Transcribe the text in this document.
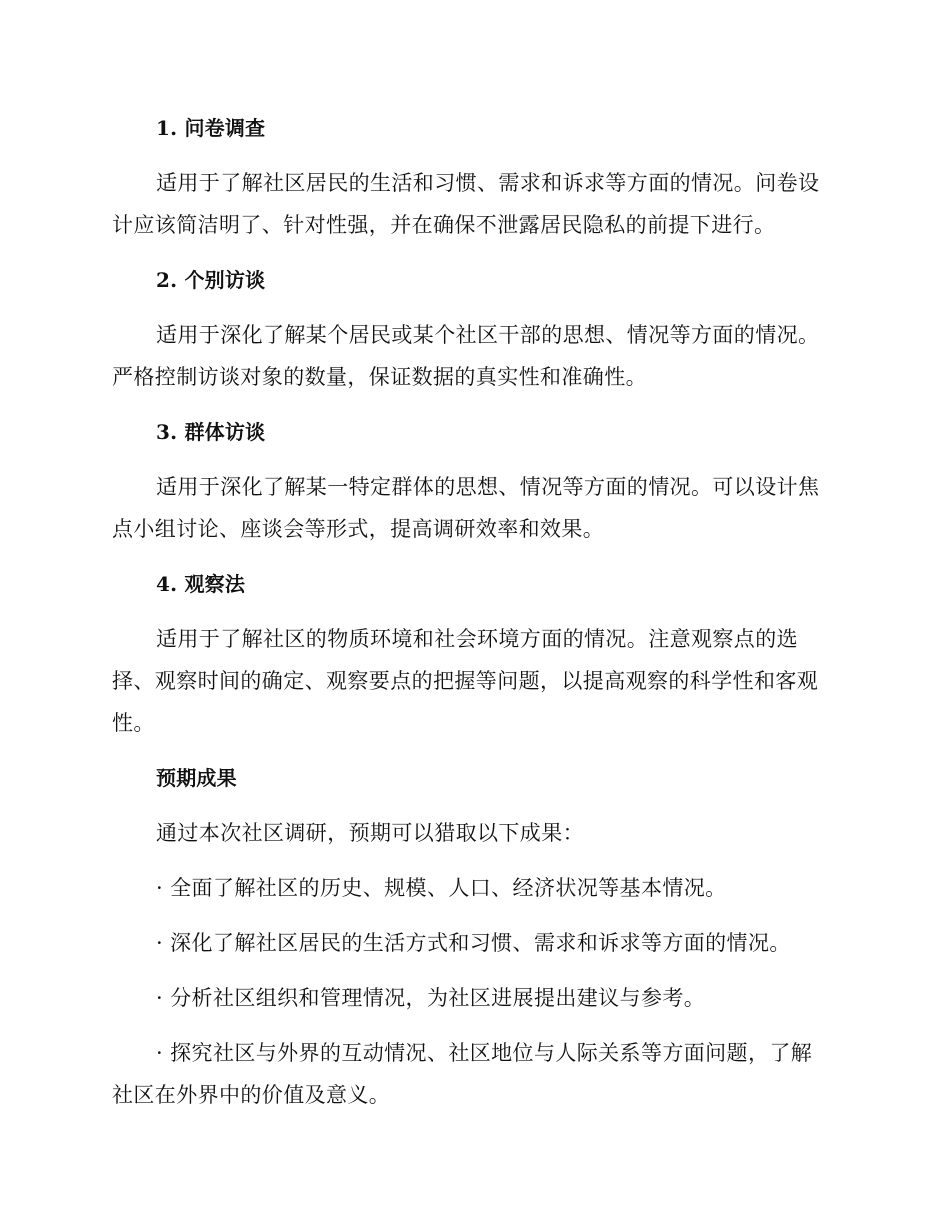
1. 问卷调查
适用于了解社区居民的生活和习惯、需求和诉求等方面的情况。问卷设
计应该简洁明了、针对性强，并在确保不泄露居民隐私的前提下进行。
2. 个别访谈
适用于深化了解某个居民或某个社区干部的思想、情况等方面的情况。
严格控制访谈对象的数量，保证数据的真实性和准确性。
3. 群体访谈
适用于深化了解某一特定群体的思想、情况等方面的情况。可以设计焦
点小组讨论、座谈会等形式，提高调研效率和效果。
4. 观察法
适用于了解社区的物质环境和社会环境方面的情况。注意观察点的选
择、观察时间的确定、观察要点的把握等问题，以提高观察的科学性和客观
性。
预期成果
通过本次社区调研，预期可以猎取以下成果：
· 全面了解社区的历史、规模、人口、经济状况等基本情况。
· 深化了解社区居民的生活方式和习惯、需求和诉求等方面的情况。
· 分析社区组织和管理情况，为社区进展提出建议与参考。
· 探究社区与外界的互动情况、社区地位与人际关系等方面问题，了解
社区在外界中的价值及意义。
